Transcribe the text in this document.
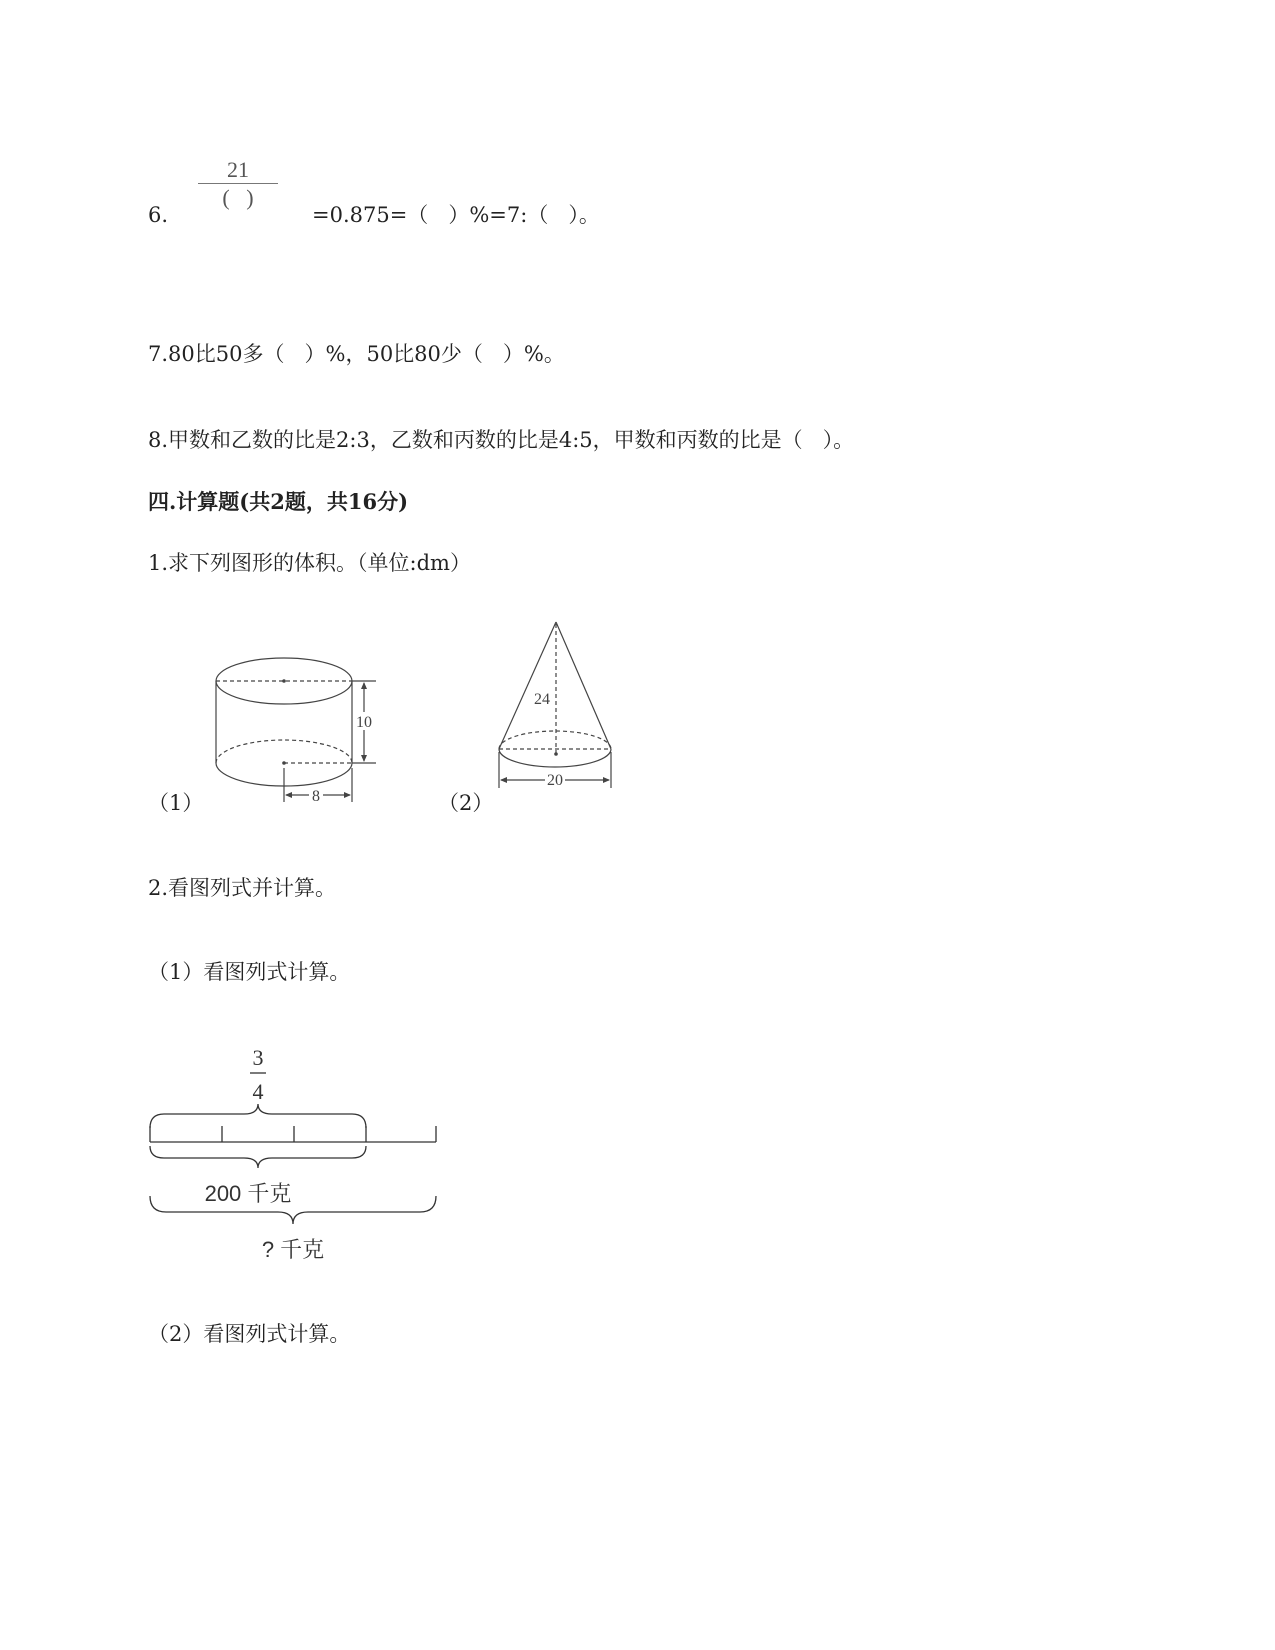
6.
21
(   )
=0.875=（   ）%=7:（   ）。
7.80比50多（   ）%，50比80少（   ）%。
8.甲数和乙数的比是2:3，乙数和丙数的比是4:5，甲数和丙数的比是（   ）。
四.计算题(共2题，共16分)
1.求下列图形的体积。（单位:dm）
10
8
（1）
24
20
（2）
2.看图列式并计算。
（1）看图列式计算。
3
4
200 千克
? 千克
（2）看图列式计算。
